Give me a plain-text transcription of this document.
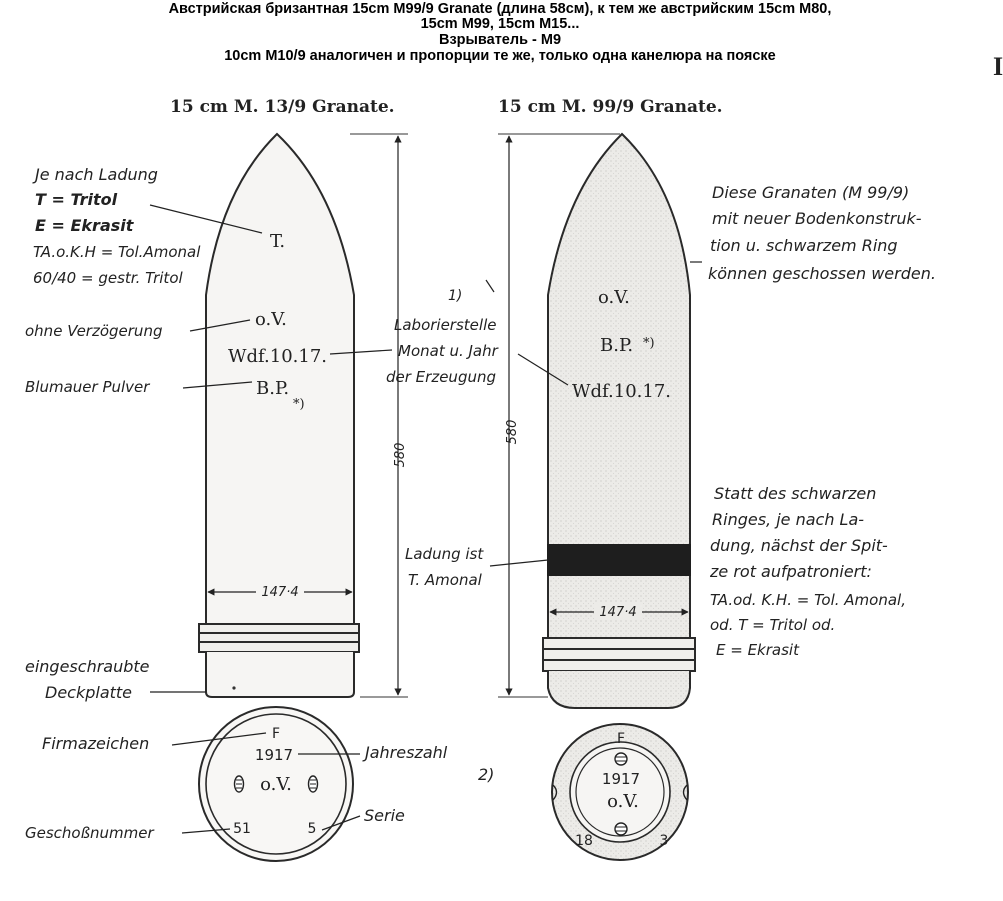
Австрийская бризантная 15cm M99/9 Granate (длина 58см), к тем же австрийским 15cm M80,
15cm M99, 15cm M15...
Взрыватель - M9
10cm M10/9 аналогичен и пропорции те же, только одна канелюра на пояске	I
15 cm M. 13/9 Granate.	15 cm M. 99/9 Granate.
147·4
580
T.
o.V.
Wdf.10.17.
B.P.
*)
147·4
580
o.V.
B.P. *)
Wdf.10.17.
Je nach Ladung
T = Tritol
E = Ekrasit
TA.o.K.H = Tol.Amonal
60/40 = gestr. Tritol
ohne Verzögerung
Blumauer Pulver
1)
Laborierstelle
Monat u. Jahr
der Erzeugung
Diese Granaten (M 99/9)
mit neuer Bodenkonstruk-
tion u. schwarzem Ring
können geschossen werden.
Ladung ist
T. Amonal
Statt des schwarzen
Ringes, je nach La-
dung, nächst der Spit-
ze rot aufpatroniert:
TA.od. K.H. = Tol. Amonal,
od. T = Tritol od.
E = Ekrasit
eingeschraubte
Deckplatte
F
1917
o.V.
51	5
Firmazeichen	Jahreszahl
Geschoßnummer
Serie
2)
F
1917
o.V.
18	3
